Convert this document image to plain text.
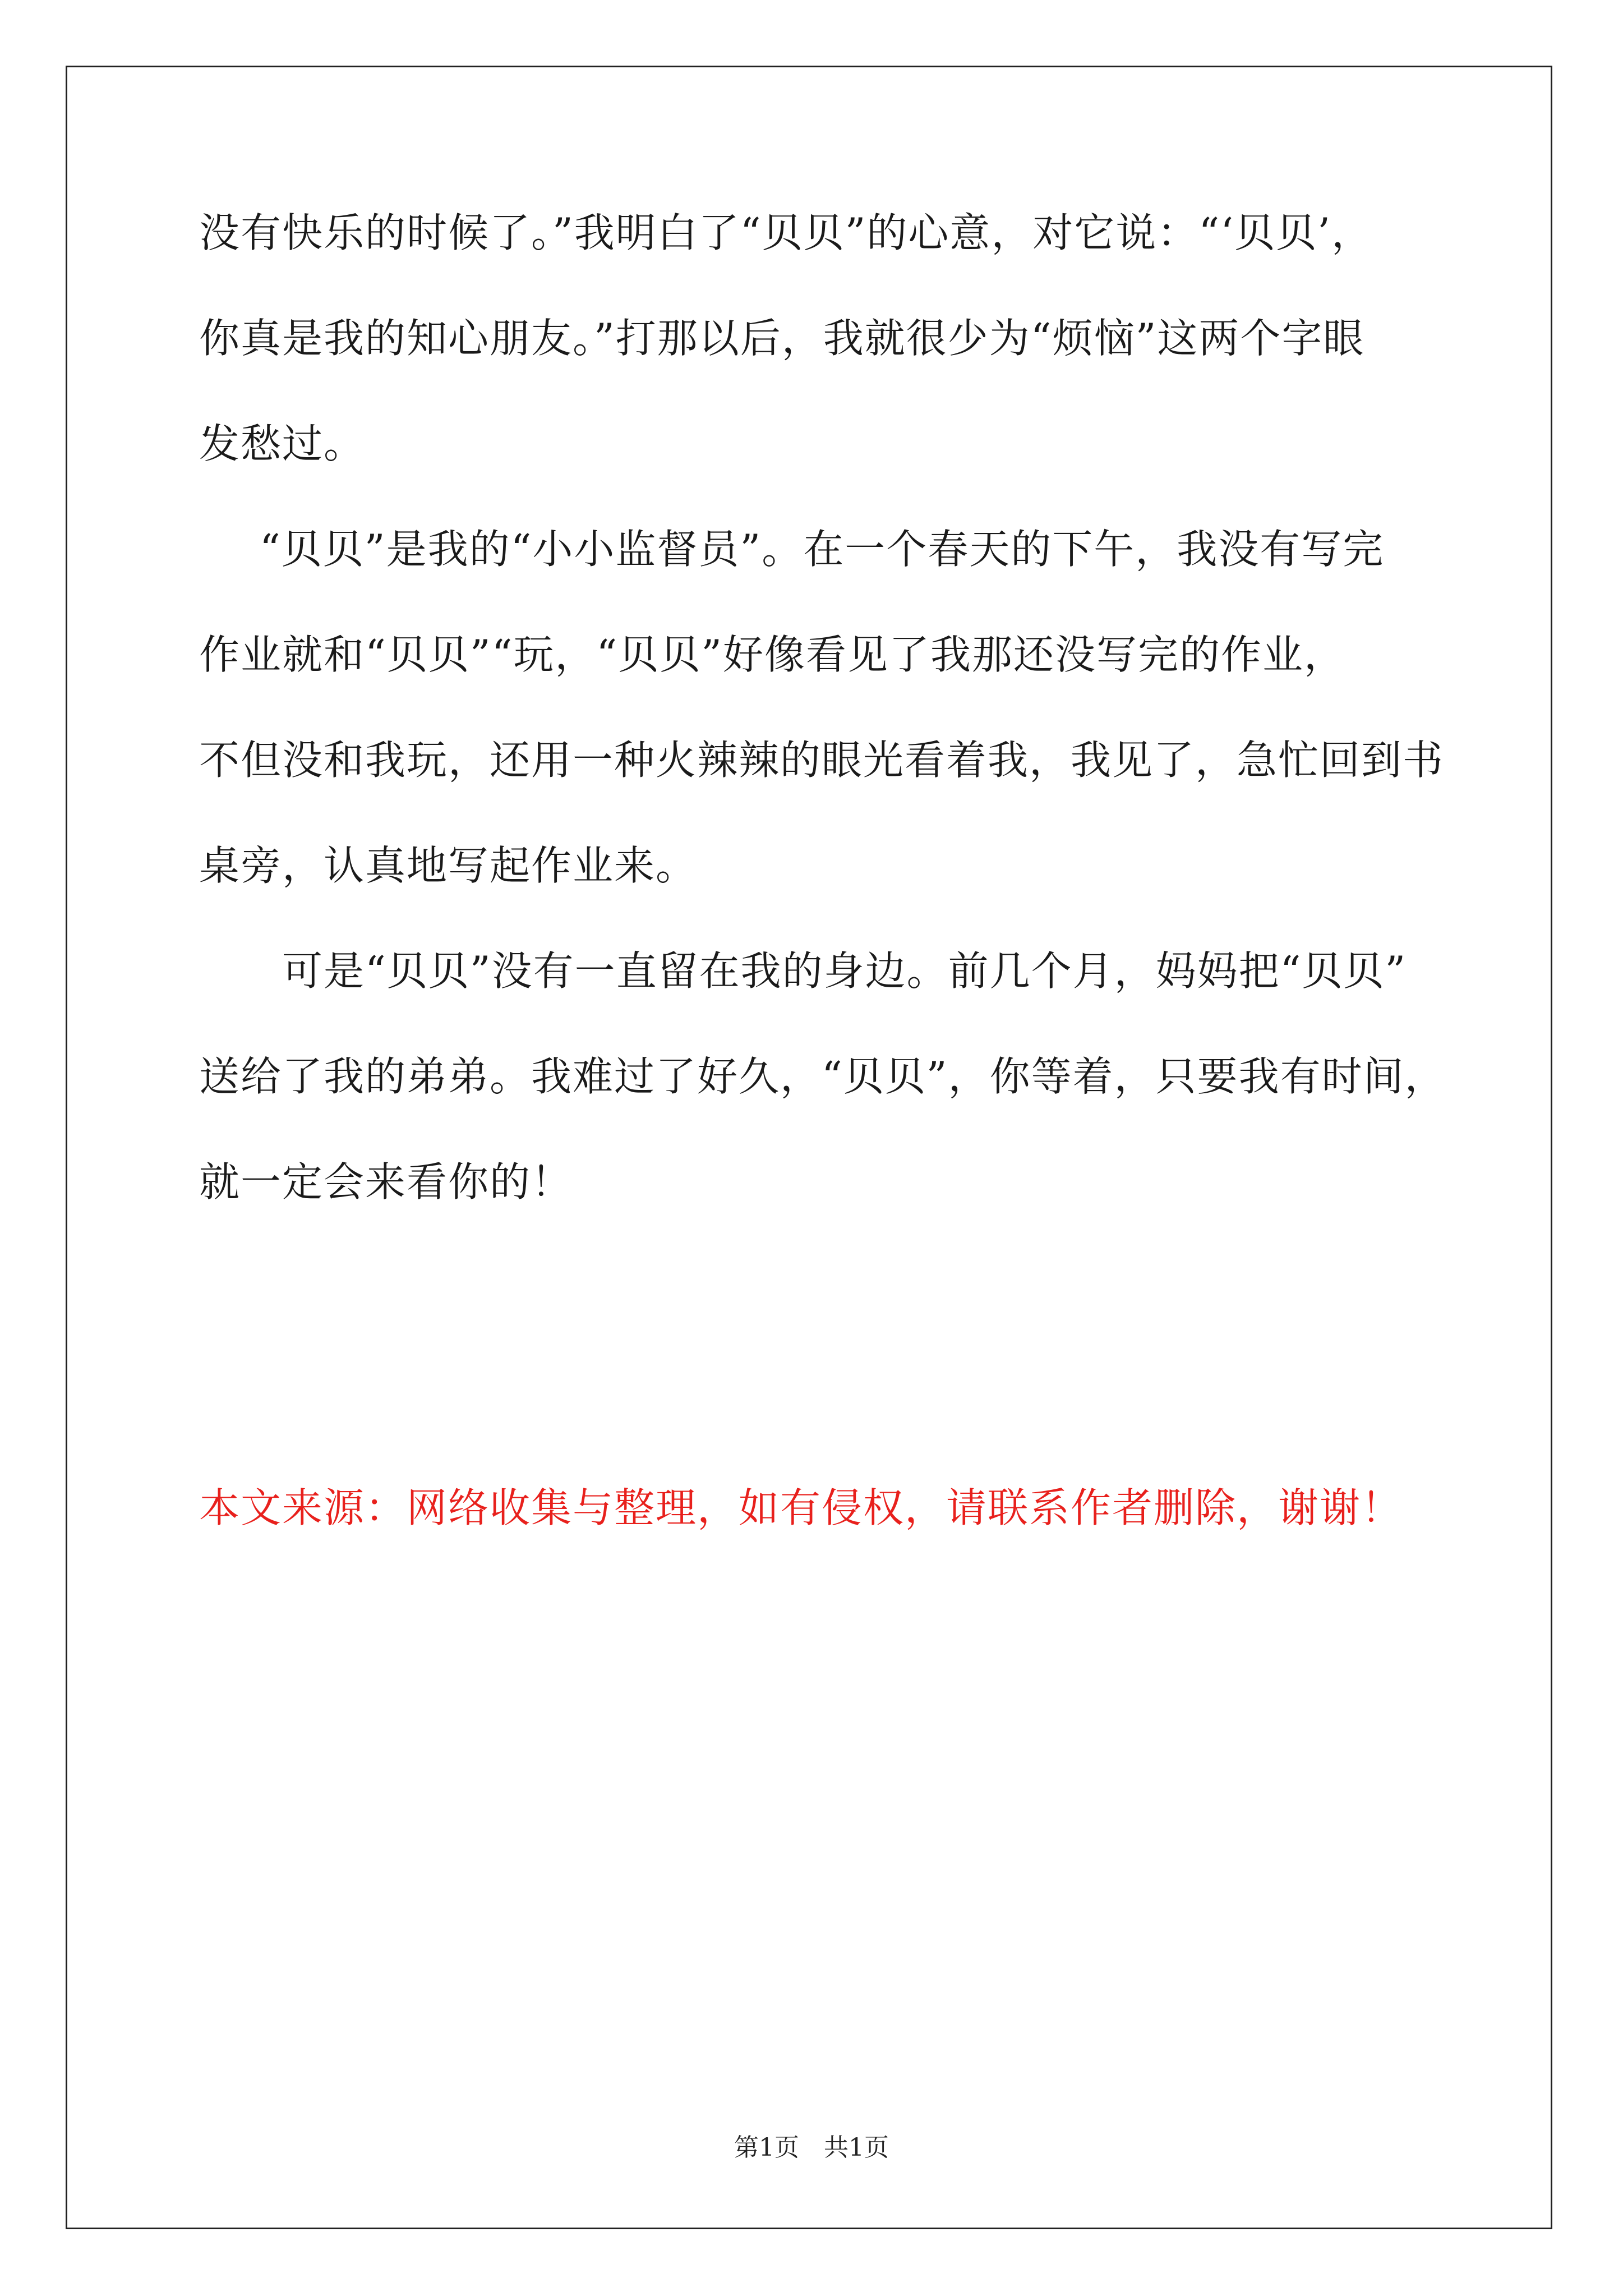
没有快乐的时候了。”我明白了“贝贝”的心意，对它说：“‘贝贝’，
你真是我的知心朋友。”打那以后，我就很少为“烦恼”这两个字眼
发愁过。
“贝贝”是我的“小小监督员”。在一个春天的下午，我没有写完
作业就和“贝贝”“玩，“贝贝”好像看见了我那还没写完的作业，
不但没和我玩，还用一种火辣辣的眼光看着我，我见了，急忙回到书
桌旁，认真地写起作业来。
可是“贝贝”没有一直留在我的身边。前几个月，妈妈把“贝贝”
送给了我的弟弟。我难过了好久，“贝贝”，你等着，只要我有时间，
就一定会来看你的！
本文来源：网络收集与整理，如有侵权，请联系作者删除，谢谢！
第1页　共1页
